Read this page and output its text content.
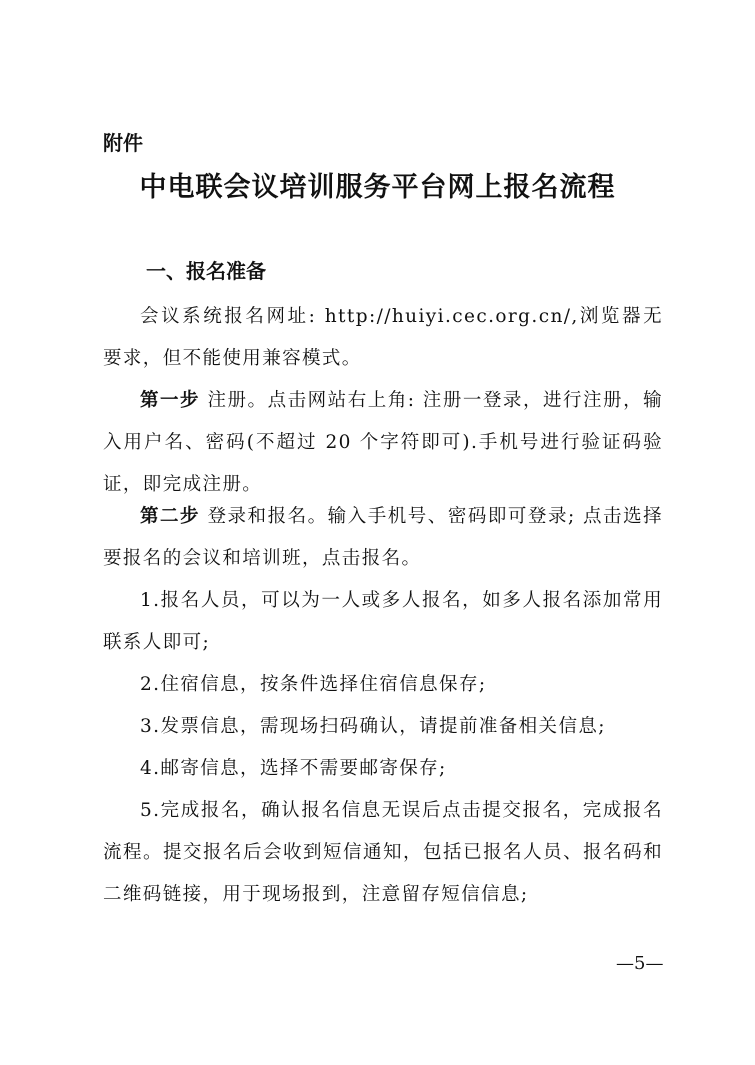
附件
中电联会议培训服务平台网上报名流程
一、报名准备
会议系统报名网址: http://huiyi.cec.org.cn/,浏览器无要求，但不能使用兼容模式。
第一步 注册。点击网站右上角: 注册一登录，进行注册，输入用户名、密码(不超过 20 个字符即可).手机号进行验证码验证，即完成注册。
第二步 登录和报名。输入手机号、密码即可登录; 点击选择要报名的会议和培训班，点击报名。
1.报名人员，可以为一人或多人报名，如多人报名添加常用联系人即可;
2.住宿信息，按条件选择住宿信息保存;
3.发票信息，需现场扫码确认，请提前准备相关信息;
4.邮寄信息，选择不需要邮寄保存;
5.完成报名，确认报名信息无误后点击提交报名，完成报名流程。提交报名后会收到短信通知，包括已报名人员、报名码和二维码链接，用于现场报到，注意留存短信信息;
—5—
